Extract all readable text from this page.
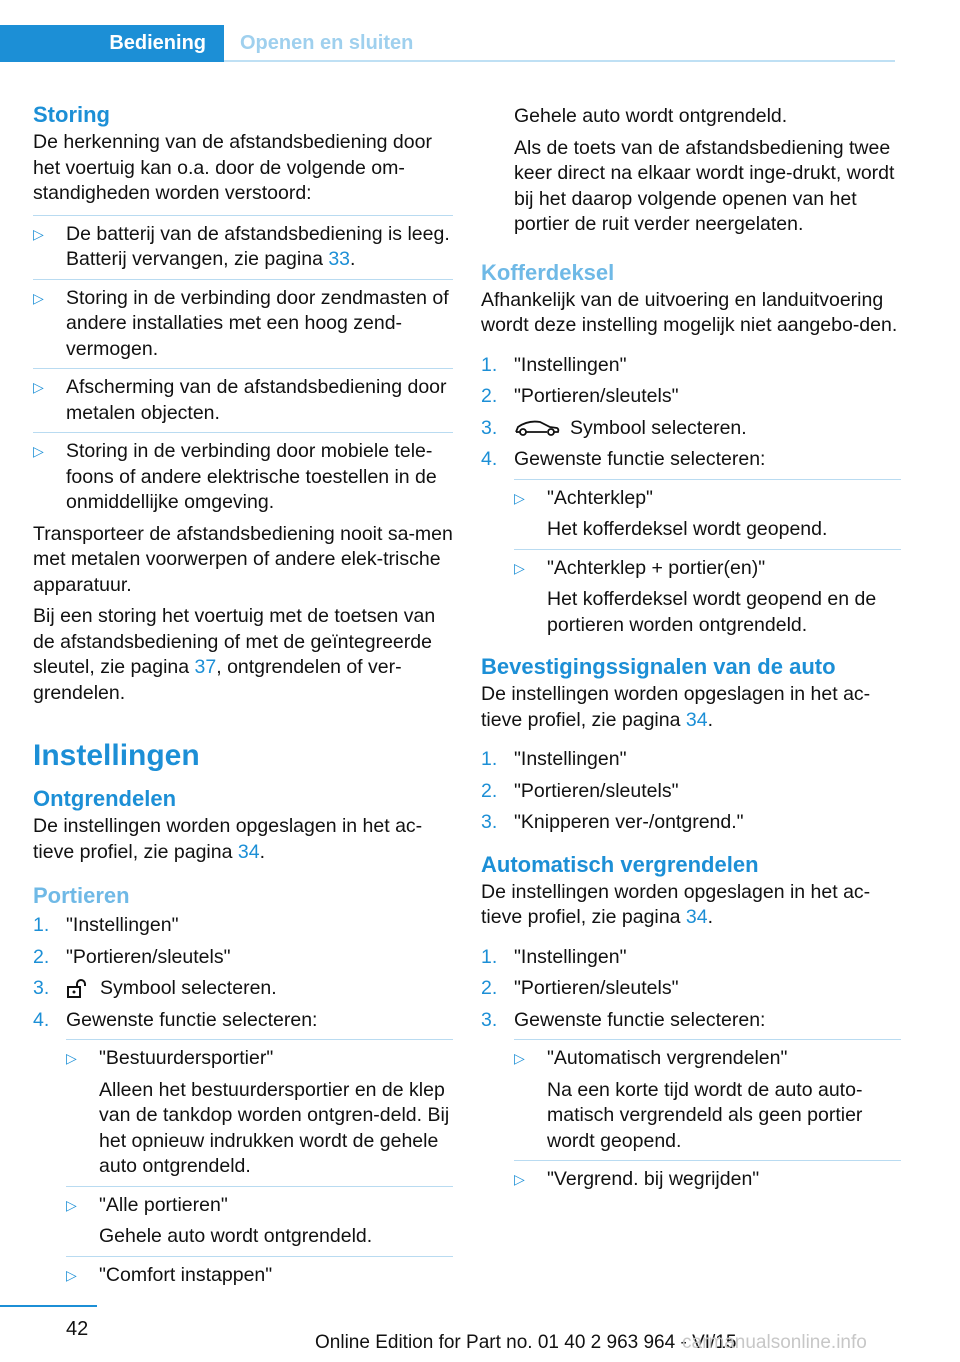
Bediening	Openen en sluiten
Storing
De herkenning van de afstandsbediening door het voertuig kan o.a. door de volgende om-standigheden worden verstoord:
▷	De batterij van de afstandsbediening is leeg. Batterij vervangen, zie pagina 33.
▷	Storing in de verbinding door zendmasten of andere installaties met een hoog zend-vermogen.
▷	Afscherming van de afstandsbediening door metalen objecten.
▷	Storing in de verbinding door mobiele tele-foons of andere elektrische toestellen in de onmiddellijke omgeving.
Transporteer de afstandsbediening nooit sa-men met metalen voorwerpen of andere elek-trische apparatuur.
Bij een storing het voertuig met de toetsen van de afstandsbediening of met de geïntegreerde sleutel, zie pagina 37, ontgrendelen of ver-grendelen.
Instellingen
Ontgrendelen
De instellingen worden opgeslagen in het ac-tieve profiel, zie pagina 34.
Portieren
1. "Instellingen"
2. "Portieren/sleutels"
3.	Symbool selecteren.
4. Gewenste functie selecteren:
▷	"Bestuurdersportier"
Alleen het bestuurdersportier en de klep van de tankdop worden ontgren-deld. Bij het opnieuw indrukken wordt de gehele auto ontgrendeld.
▷	"Alle portieren"
Gehele auto wordt ontgrendeld.
▷	"Comfort instappen"
Gehele auto wordt ontgrendeld.
Als de toets van de afstandsbediening twee keer direct na elkaar wordt inge-drukt, wordt bij het daarop volgende openen van het portier de ruit verder neergelaten.
Kofferdeksel
Afhankelijk van de uitvoering en landuitvoering wordt deze instelling mogelijk niet aangebo-den.
1. "Instellingen"
2. "Portieren/sleutels"
3.	Symbool selecteren.
4. Gewenste functie selecteren:
▷	"Achterklep"
Het kofferdeksel wordt geopend.
▷	"Achterklep + portier(en)"
Het kofferdeksel wordt geopend en de portieren worden ontgrendeld.
Bevestigingssignalen van de auto
De instellingen worden opgeslagen in het ac-tieve profiel, zie pagina 34.
1. "Instellingen"
2. "Portieren/sleutels"
3. "Knipperen ver-/ontgrend."
Automatisch vergrendelen
De instellingen worden opgeslagen in het ac-tieve profiel, zie pagina 34.
1. "Instellingen"
2. "Portieren/sleutels"
3. Gewenste functie selecteren:
▷	"Automatisch vergrendelen"
Na een korte tijd wordt de auto auto-matisch vergrendeld als geen portier wordt geopend.
▷	"Vergrend. bij wegrijden"
42
Online Edition for Part no. 01 40 2 963 964 - VI/15
carmanualsonline.info
